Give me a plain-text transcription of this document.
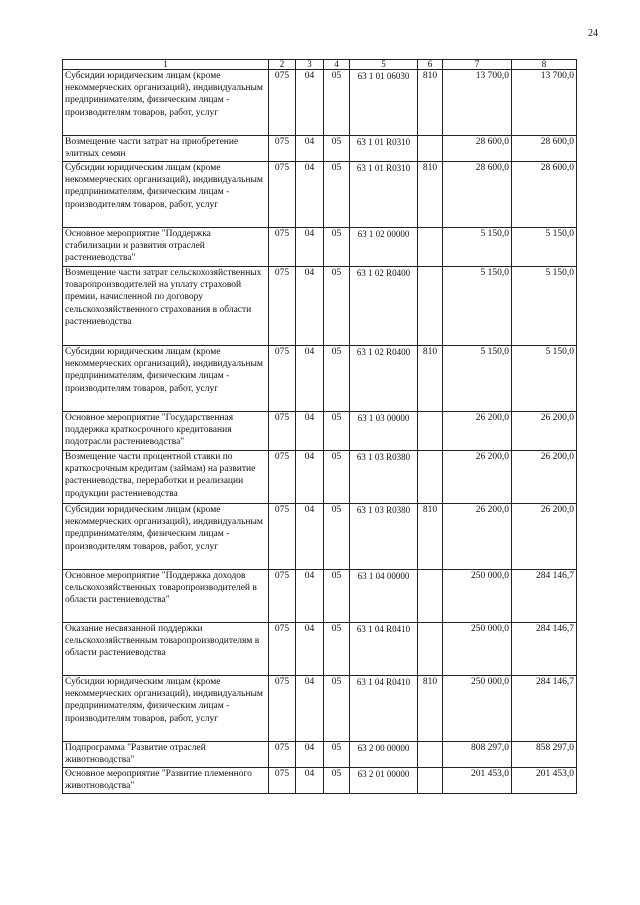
24
1	2	3	4	5	6	7	8
Субсидии юридическим лицам (кроме некоммерческих организаций), индивидуальным предпринимателям, физическим лицам - производителям товаров, работ, услуг	075	04	05	63 1 01 06030	810	13 700,0	13 700,0
Возмещение части затрат на приобретение элитных семян	075	04	05	63 1 01 R0310		28 600,0	28 600,0
Субсидии юридическим лицам (кроме некоммерческих организаций), индивидуальным предпринимателям, физическим лицам - производителям товаров, работ, услуг	075	04	05	63 1 01 R0310	810	28 600,0	28 600,0
Основное мероприятие "Поддержка стабилизации и развития отраслей растениеводства"	075	04	05	63 1 02 00000		5 150,0	5 150,0
Возмещение части затрат сельскохозяйственных товаропроизводителей на уплату страховой премии, начисленной по договору сельскохозяйственного страхования в области растениеводства	075	04	05	63 1 02 R0400		5 150,0	5 150,0
Субсидии юридическим лицам (кроме некоммерческих организаций), индивидуальным предпринимателям, физическим лицам - производителям товаров, работ, услуг	075	04	05	63 1 02 R0400	810	5 150,0	5 150,0
Основное мероприятие "Государственная поддержка краткосрочного кредитования подотрасли растениеводства"	075	04	05	63 1 03 00000		26 200,0	26 200,0
Возмещение части процентной ставки по краткосрочным кредитам (займам) на развитие растениеводства, переработки и реализации продукции растениеводства	075	04	05	63 1 03 R0380		26 200,0	26 200,0
Субсидии юридическим лицам (кроме некоммерческих организаций), индивидуальным предпринимателям, физическим лицам - производителям товаров, работ, услуг	075	04	05	63 1 03 R0380	810	26 200,0	26 200,0
Основное мероприятие "Поддержка доходов сельскохозяйственных товаропроизводителей в области растениеводства"	075	04	05	63 1 04 00000		250 000,0	284 146,7
Оказание несвязанной поддержки сельскохозяйственным товаропроизводителям в области растениеводства	075	04	05	63 1 04 R0410		250 000,0	284 146,7
Субсидии юридическим лицам (кроме некоммерческих организаций), индивидуальным предпринимателям, физическим лицам - производителям товаров, работ, услуг	075	04	05	63 1 04 R0410	810	250 000,0	284 146,7
Подпрограмма "Развитие отраслей животноводства"	075	04	05	63 2 00 00000		808 297,0	858 297,0
Основное мероприятие "Развитие племенного животноводства"	075	04	05	63 2 01 00000		201 453,0	201 453,0
